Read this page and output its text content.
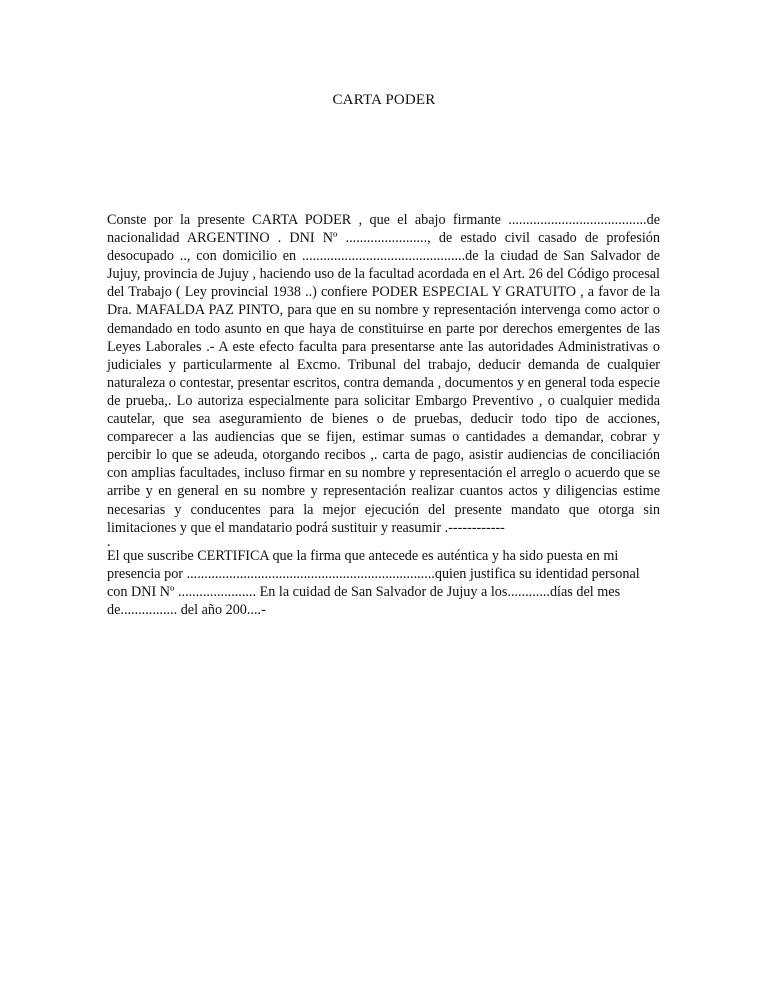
CARTA PODER

Conste por la presente CARTA PODER , que el abajo firmante .......................................de nacionalidad ARGENTINO . DNI Nº ......................., de estado civil casado de profesión desocupado .., con domicilio en ..............................................de la ciudad de San Salvador de Jujuy, provincia de Jujuy , haciendo uso de la facultad acordada en el Art. 26 del Código procesal del Trabajo ( Ley provincial 1938 ..) confiere PODER ESPECIAL Y GRATUITO , a favor de la Dra. MAFALDA PAZ PINTO, para que en su nombre y representación intervenga como actor o demandado en todo asunto en que haya de constituirse en parte por derechos emergentes de las Leyes Laborales .- A este efecto faculta para presentarse ante las autoridades Administrativas o judiciales y particularmente al Excmo. Tribunal del trabajo, deducir demanda de cualquier naturaleza o contestar, presentar escritos, contra demanda , documentos y en general toda especie de prueba,. Lo autoriza especialmente para solicitar Embargo Preventivo , o cualquier medida cautelar, que sea aseguramiento de bienes o de pruebas, deducir todo tipo de acciones, comparecer a las audiencias que se fijen, estimar sumas o cantidades a demandar, cobrar y percibir lo que se adeuda, otorgando recibos ,. carta de pago, asistir audiencias de conciliación con amplias facultades, incluso firmar en su nombre y representación el arreglo o acuerdo que se arribe y en general en su nombre y representación realizar cuantos actos y diligencias estime necesarias y conducentes para la mejor ejecución del presente mandato que otorga sin limitaciones y que el mandatario podrá sustituir y reasumir .------------

.

El que suscribe CERTIFICA que la firma que antecede es auténtica y ha sido puesta en mi presencia por ......................................................................quien justifica su identidad personal con DNI Nº ...................... En la cuidad de San Salvador de Jujuy a los............días del mes de................ del año 200....-
